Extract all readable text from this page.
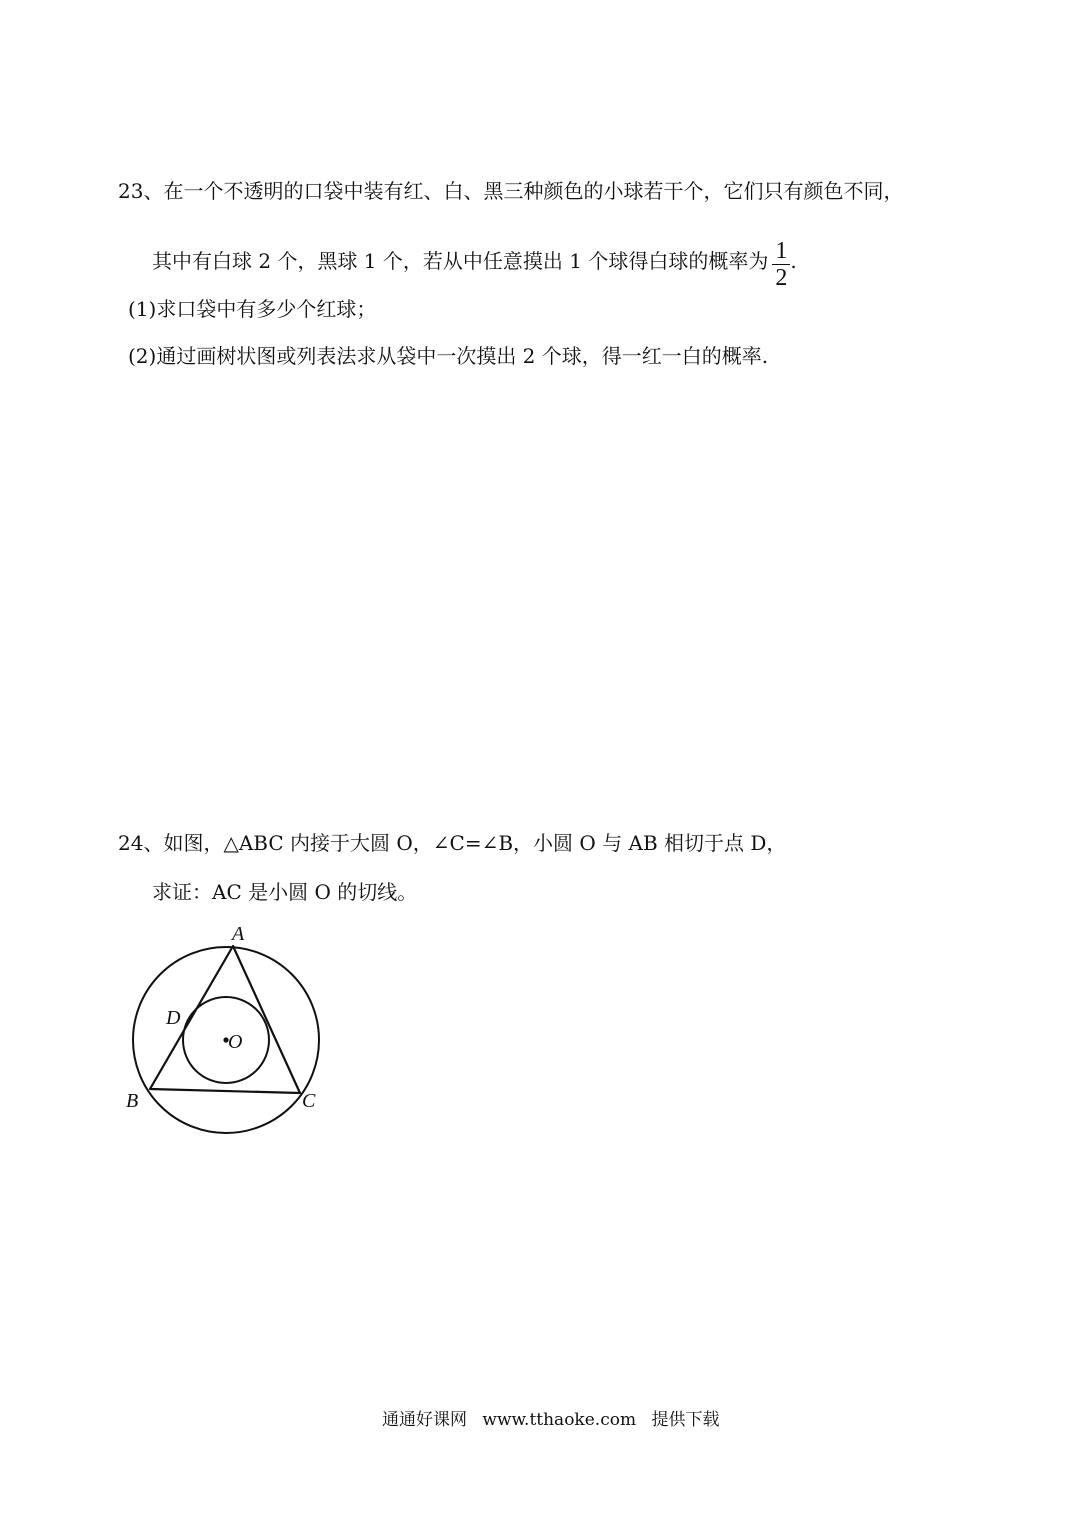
23、在一个不透明的口袋中装有红、白、黑三种颜色的小球若干个，它们只有颜色不同，
其中有白球 2 个，黑球 1 个，若从中任意摸出 1 个球得白球的概率为 $\frac{1}{2}$ .
(1)求口袋中有多少个红球；
(2)通过画树状图或列表法求从袋中一次摸出 2 个球，得一红一白的概率.
24、如图，△ABC 内接于大圆 O，∠C=∠B，小圆 O 与 AB 相切于点 D，
求证：AC 是小圆 O 的切线。
A
D
O
B	C
通通好课网 www.tthaoke.com 提供下载
